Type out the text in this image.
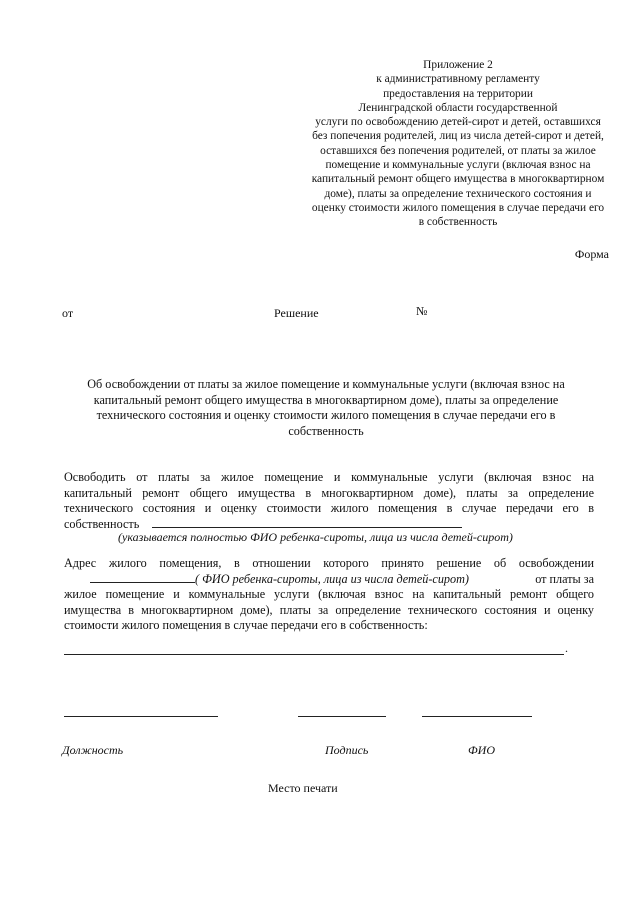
Приложение 2
к административному регламенту
предоставления на территории
Ленинградской области государственной
услуги по освобождению детей-сирот и детей, оставшихся
без попечения родителей, лиц из числа детей-сирот и детей,
оставшихся без попечения родителей, от платы за жилое
помещение и коммунальные услуги (включая взнос на
капитальный ремонт общего имущества в многоквартирном
доме), платы за определение технического состояния и
оценку стоимости жилого помещения в случае передачи его
в собственность
Форма
от	Решение	№
Об освобождении от платы за жилое помещение и коммунальные услуги (включая взнос на
капитальный ремонт общего имущества в многоквартирном доме), платы за определение
технического состояния и оценку стоимости жилого помещения в случае передачи его в
собственность
Освободить от платы за жилое помещение и коммунальные услуги (включая взнос на
капитальный ремонт общего имущества в многоквартирном доме), платы за определение
технического состояния и оценку стоимости жилого помещения в случае передачи его в
собственность
(указывается полностью ФИО ребенка-сироты, лица из числа детей-сирот)
Адрес жилого помещения, в отношении которого принято решение об освобождении
( ФИО ребенка-сироты, лица из числа детей-сирот)	от платы за
жилое помещение и коммунальные услуги (включая взнос на капитальный ремонт общего
имущества в многоквартирном доме), платы за определение технического состояния и оценку
стоимости жилого помещения в случае передачи его в собственность:
.
Должность	Подпись	ФИО
Место печати
